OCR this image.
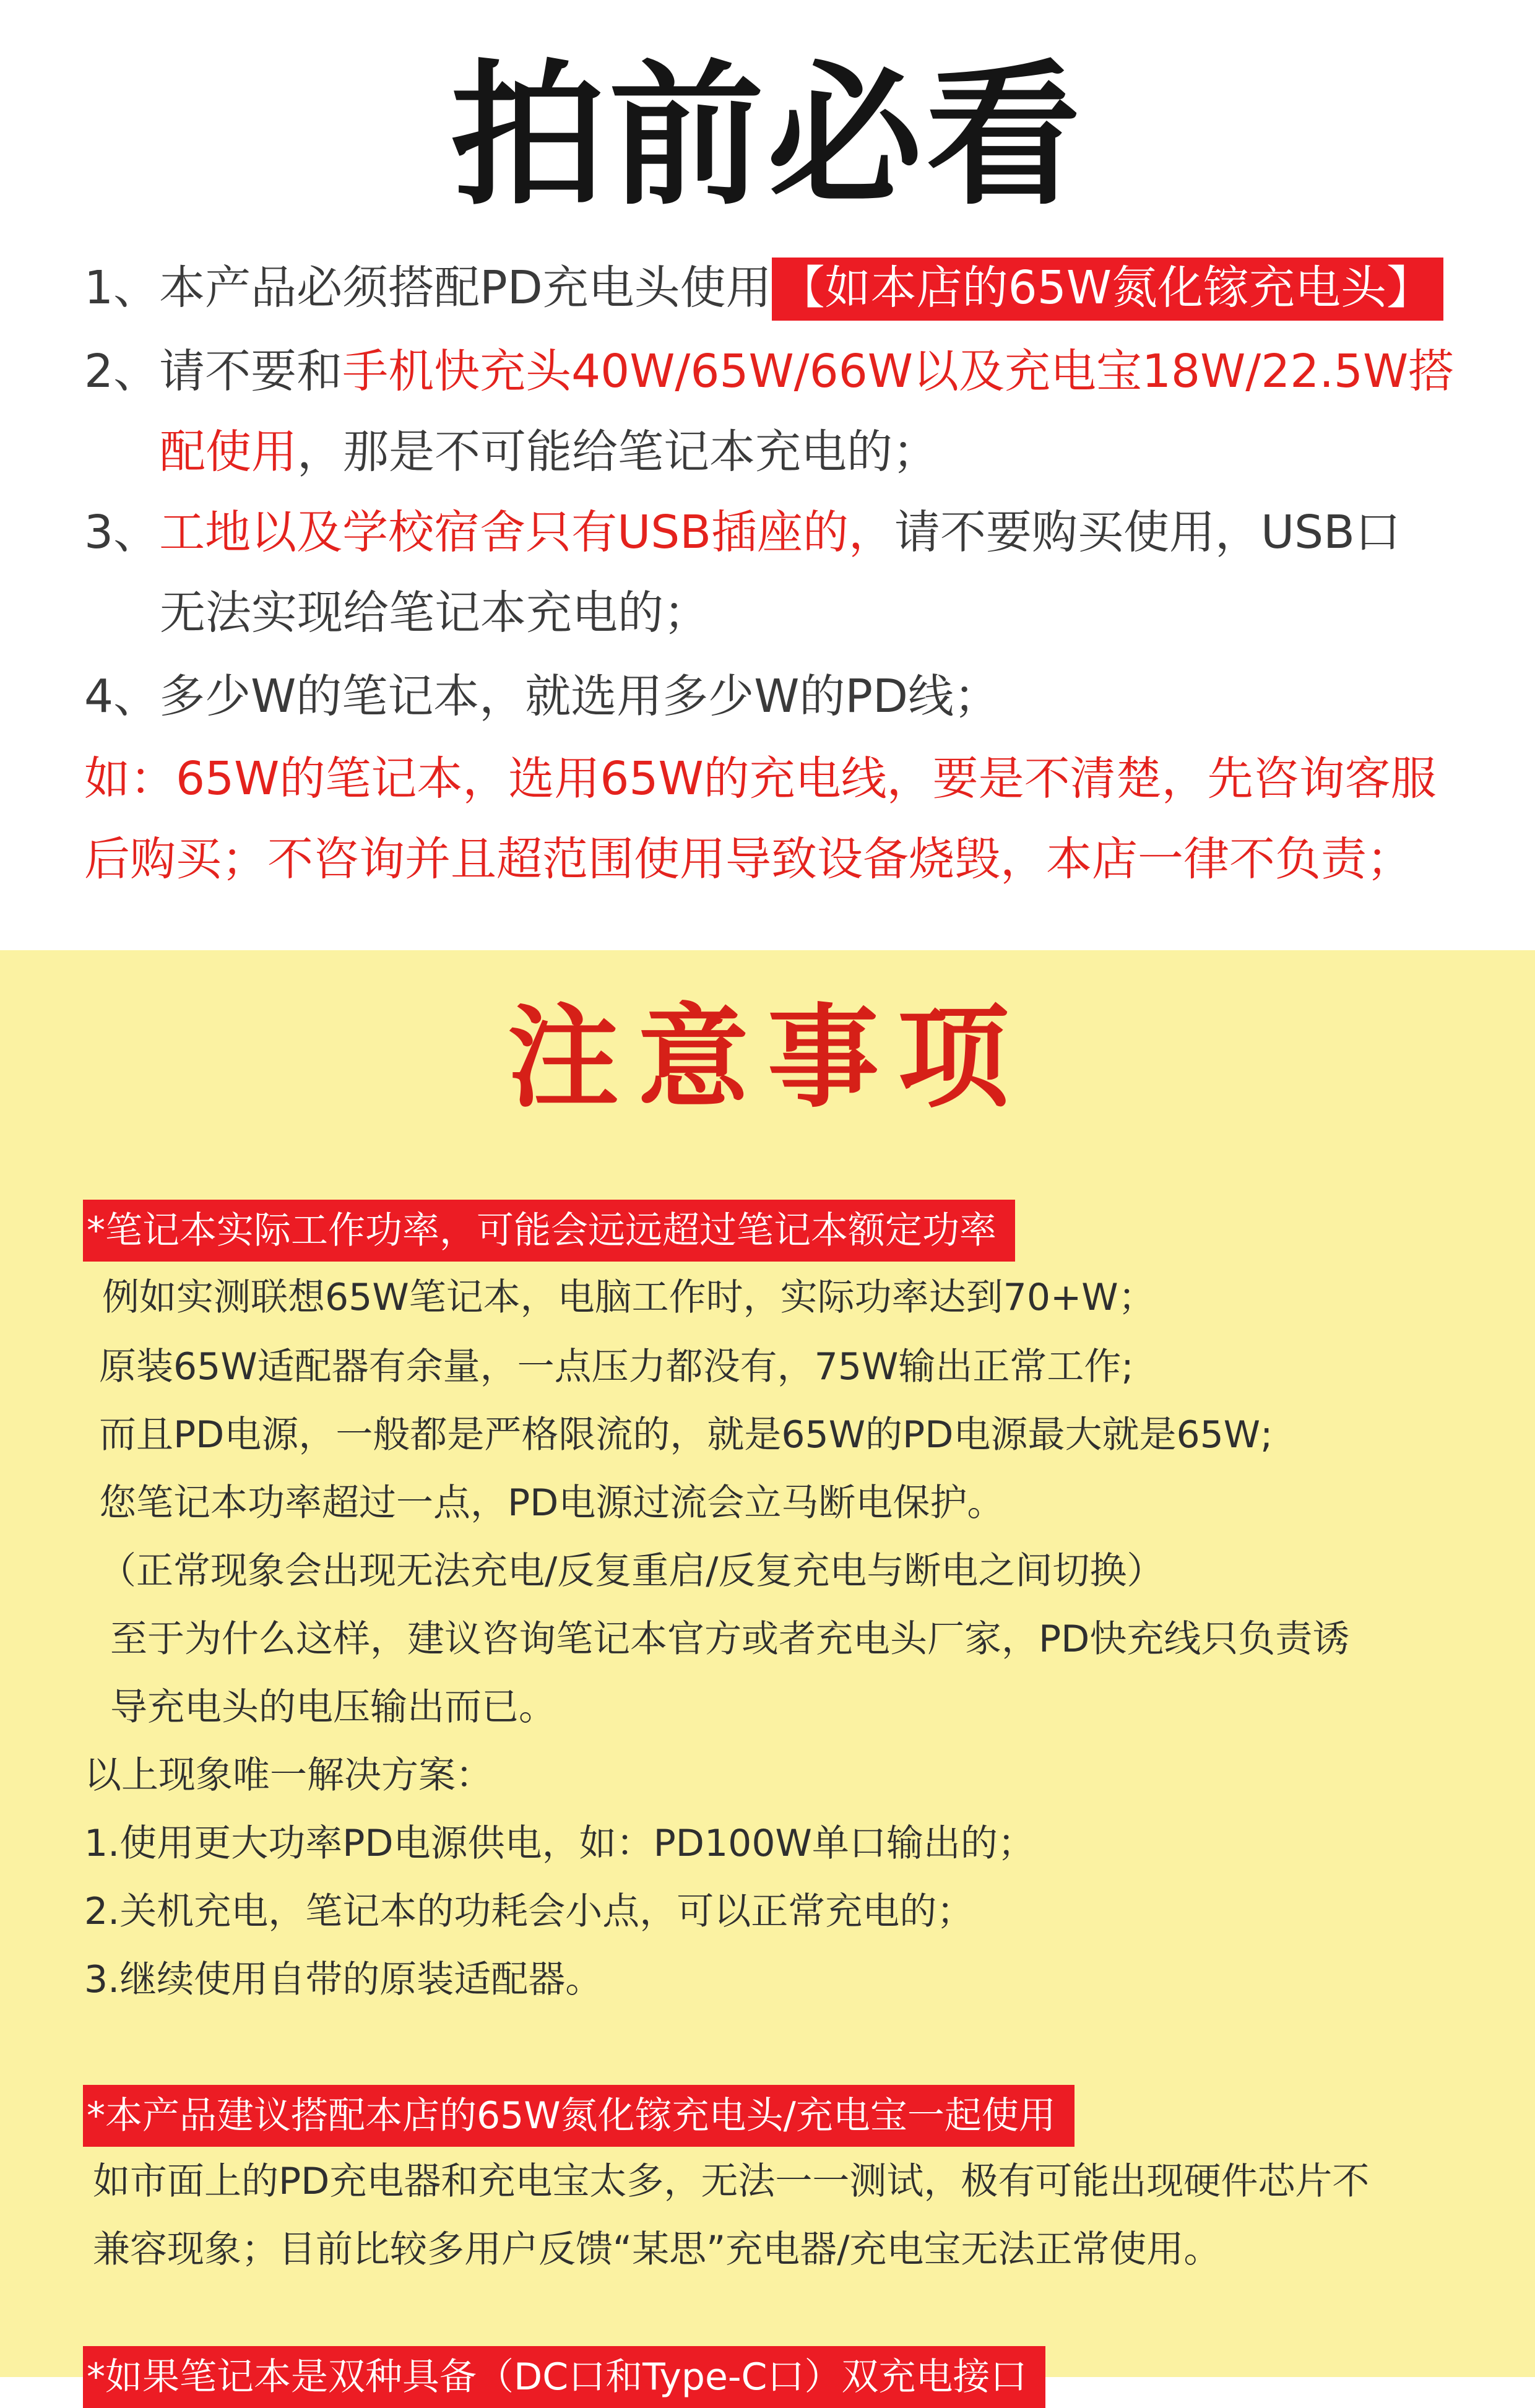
拍前必看
1、本产品必须搭配PD充电头使用 【如本店的65W氮化镓充电头】
2、请不要和手机快充头40W/65W/66W以及充电宝18W/22.5W搭
配使用，那是不可能给笔记本充电的；
3、工地以及学校宿舍只有USB插座的，请不要购买使用，USB口
无法实现给笔记本充电的；
4、多少W的笔记本，就选用多少W的PD线；
如：65W的笔记本，选用65W的充电线，要是不清楚，先咨询客服
后购买；不咨询并且超范围使用导致设备烧毁，本店一律不负责；
注意事项
*笔记本实际工作功率，可能会远远超过笔记本额定功率
例如实测联想65W笔记本，电脑工作时，实际功率达到70+W；
原装65W适配器有余量，一点压力都没有，75W输出正常工作;
而且PD电源，一般都是严格限流的，就是65W的PD电源最大就是65W;
您笔记本功率超过一点，PD电源过流会立马断电保护。
（正常现象会出现无法充电/反复重启/反复充电与断电之间切换）
至于为什么这样，建议咨询笔记本官方或者充电头厂家，PD快充线只负责诱
导充电头的电压输出而已。
以上现象唯一解决方案：
1.使用更大功率PD电源供电，如：PD100W单口输出的；
2.关机充电，笔记本的功耗会小点，可以正常充电的；
3.继续使用自带的原装适配器。
*本产品建议搭配本店的65W氮化镓充电头/充电宝一起使用
如市面上的PD充电器和充电宝太多，无法一一测试，极有可能出现硬件芯片不
兼容现象；目前比较多用户反馈“某思”充电器/充电宝无法正常使用。
*如果笔记本是双种具备（DC口和Type-C口）双充电接口
